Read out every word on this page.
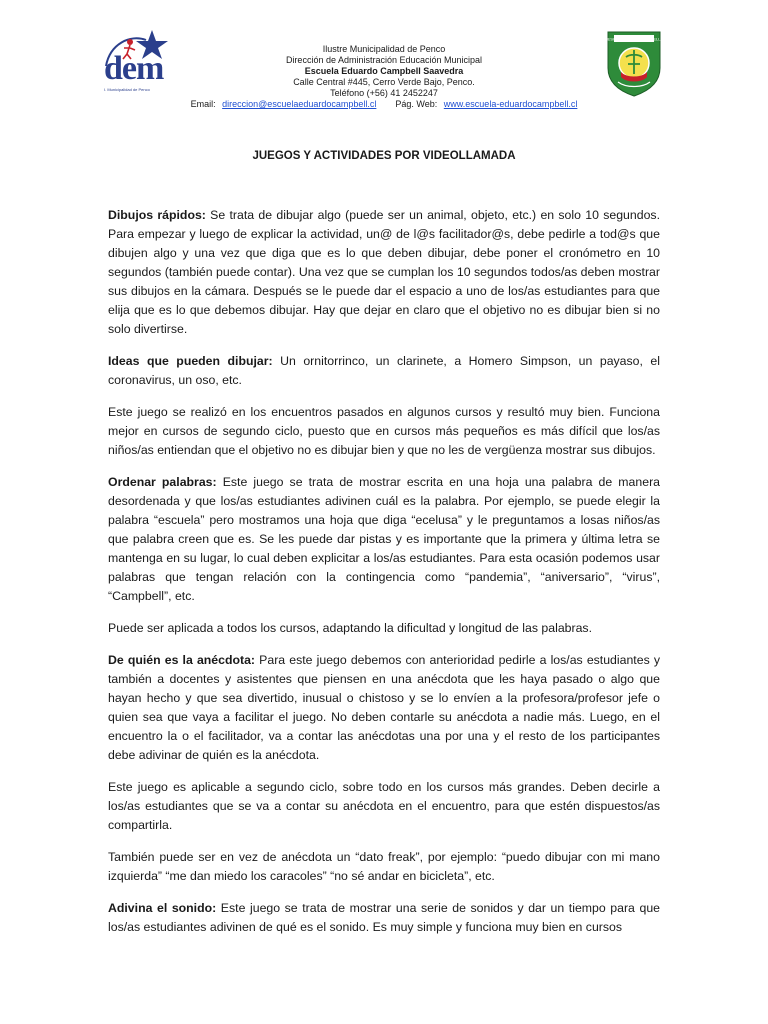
dem
I. Municipalidad de Penco
Ilustre Municipalidad de Penco
Dirección de Administración Educación Municipal
Escuela Eduardo Campbell Saavedra
Calle Central #445, Cerro Verde Bajo, Penco.
Teléfono (+56) 41 2452247
Email: direccion@escuelaeduardocampbell.cl Pág. Web: www.escuela-eduardocampbell.cl
ESC. EDUARDO CAMPBELL
JUEGOS Y ACTIVIDADES POR VIDEOLLAMADA

Dibujos rápidos: Se trata de dibujar algo (puede ser un animal, objeto, etc.) en solo 10 segundos. Para empezar y luego de explicar la actividad, un@ de l@s facilitador@s, debe pedirle a tod@s que dibujen algo y una vez que diga que es lo que deben dibujar, debe poner el cronómetro en 10 segundos (también puede contar). Una vez que se cumplan los 10 segundos todos/as deben mostrar sus dibujos en la cámara. Después se le puede dar el espacio a uno de los/as estudiantes para que elija que es lo que debemos dibujar. Hay que dejar en claro que el objetivo no es dibujar bien si no solo divertirse.

Ideas que pueden dibujar: Un ornitorrinco, un clarinete, a Homero Simpson, un payaso, el coronavirus, un oso, etc.

Este juego se realizó en los encuentros pasados en algunos cursos y resultó muy bien. Funciona mejor en cursos de segundo ciclo, puesto que en cursos más pequeños es más difícil que los/as niños/as entiendan que el objetivo no es dibujar bien y que no les de vergüenza mostrar sus dibujos.

Ordenar palabras: Este juego se trata de mostrar escrita en una hoja una palabra de manera desordenada y que los/as estudiantes adivinen cuál es la palabra. Por ejemplo, se puede elegir la palabra “escuela” pero mostramos una hoja que diga “ecelusa” y le preguntamos a losas niños/as que palabra creen que es. Se les puede dar pistas y es importante que la primera y última letra se mantenga en su lugar, lo cual deben explicitar a los/as estudiantes. Para esta ocasión podemos usar palabras que tengan relación con la contingencia como “pandemia”, “aniversario”, “virus”, “Campbell”, etc.

Puede ser aplicada a todos los cursos, adaptando la dificultad y longitud de las palabras.

De quién es la anécdota: Para este juego debemos con anterioridad pedirle a los/as estudiantes y también a docentes y asistentes que piensen en una anécdota que les haya pasado o algo que hayan hecho y que sea divertido, inusual o chistoso y se lo envíen a la profesora/profesor jefe o quien sea que vaya a facilitar el juego. No deben contarle su anécdota a nadie más. Luego, en el encuentro la o el facilitador, va a contar las anécdotas una por una y el resto de los participantes debe adivinar de quién es la anécdota.

Este juego es aplicable a segundo ciclo, sobre todo en los cursos más grandes. Deben decirle a los/as estudiantes que se va a contar su anécdota en el encuentro, para que estén dispuestos/as compartirla.

También puede ser en vez de anécdota un “dato freak”, por ejemplo: “puedo dibujar con mi mano izquierda” “me dan miedo los caracoles” “no sé andar en bicicleta”, etc.

Adivina el sonido: Este juego se trata de mostrar una serie de sonidos y dar un tiempo para que los/as estudiantes adivinen de qué es el sonido. Es muy simple y funciona muy bien en cursos
